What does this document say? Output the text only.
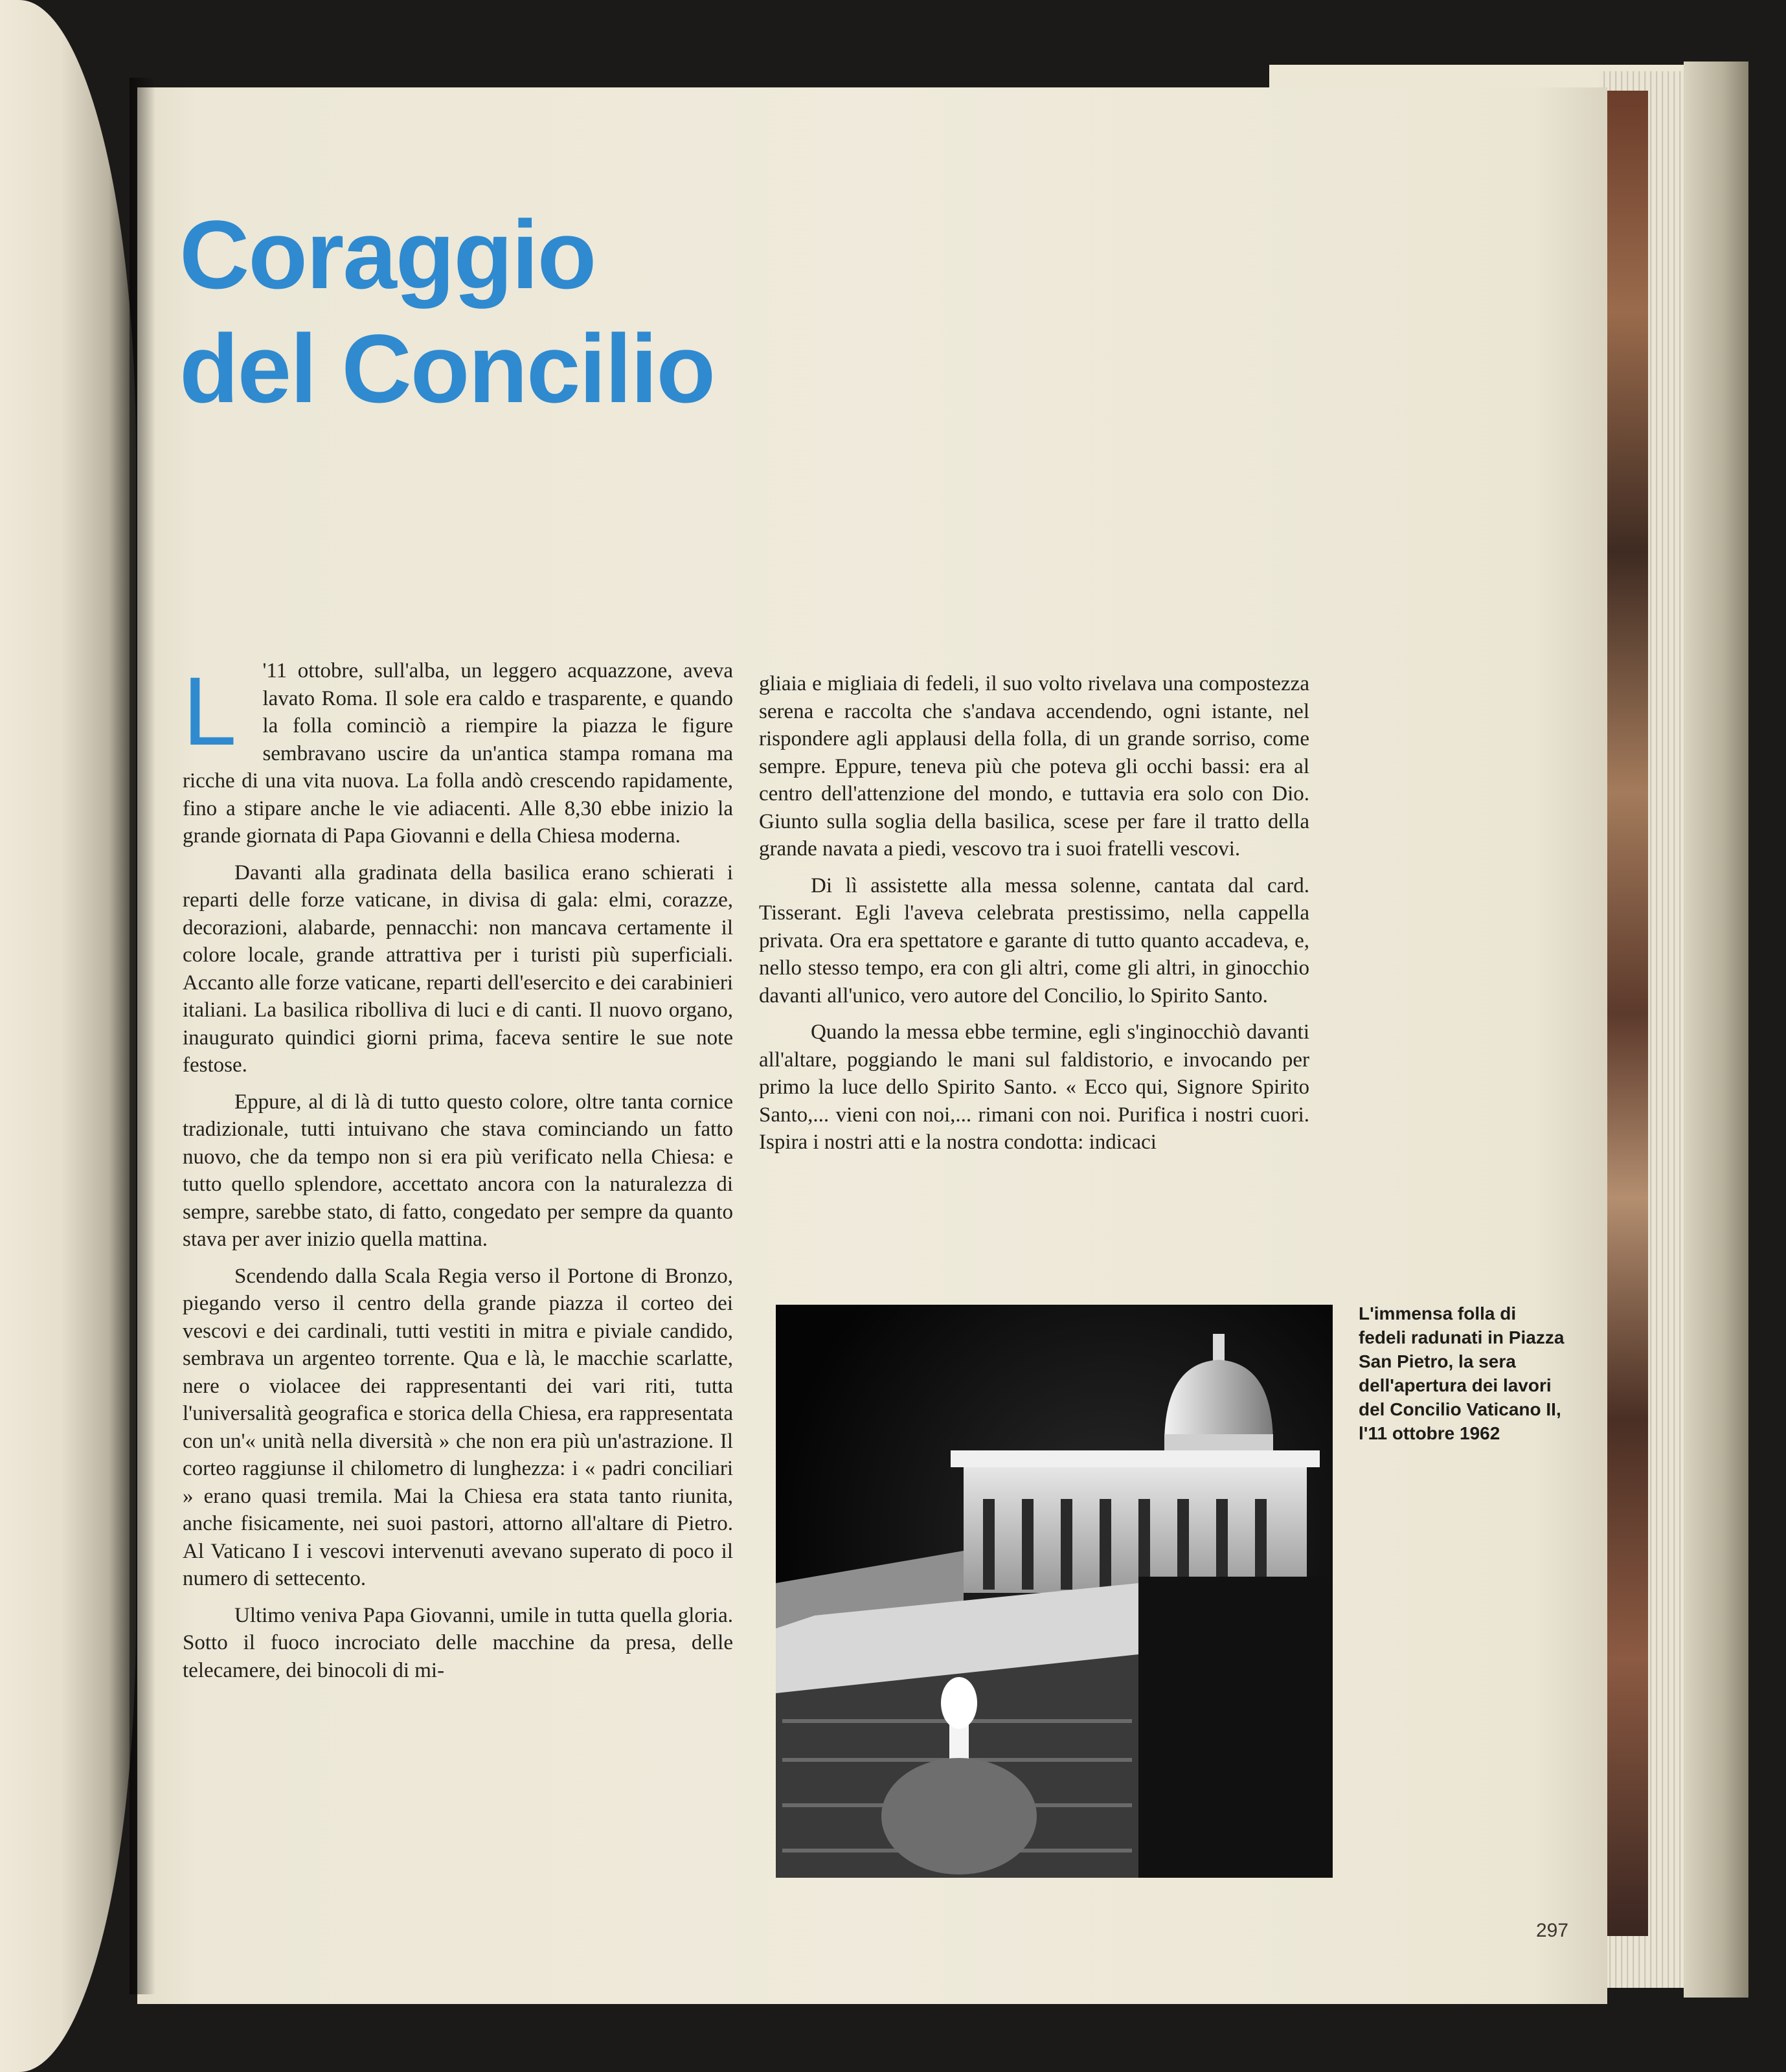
Coraggio
del Concilio

L '11 ottobre, sull'alba, un leggero acquazzone, aveva lavato Roma. Il sole era caldo e trasparente, e quando la folla cominciò a riempire la piazza le figure sembravano uscire da un'antica stampa romana ma ricche di una vita nuova. La folla andò crescendo rapidamente, fino a stipare anche le vie adiacenti. Alle 8,30 ebbe inizio la grande giornata di Papa Giovanni e della Chiesa moderna.

Davanti alla gradinata della basilica erano schierati i reparti delle forze vaticane, in divisa di gala: elmi, corazze, decorazioni, alabarde, pennacchi: non mancava certamente il colore locale, grande attrattiva per i turisti più superficiali. Accanto alle forze vaticane, reparti dell'esercito e dei carabinieri italiani. La basilica ribolliva di luci e di canti. Il nuovo organo, inaugurato quindici giorni prima, faceva sentire le sue note festose.

Eppure, al di là di tutto questo colore, oltre tanta cornice tradizionale, tutti intuivano che stava cominciando un fatto nuovo, che da tempo non si era più verificato nella Chiesa: e tutto quello splendore, accettato ancora con la naturalezza di sempre, sarebbe stato, di fatto, congedato per sempre da quanto stava per aver inizio quella mattina.

Scendendo dalla Scala Regia verso il Portone di Bronzo, piegando verso il centro della grande piazza il corteo dei vescovi e dei cardinali, tutti vestiti in mitra e piviale candido, sembrava un argenteo torrente. Qua e là, le macchie scarlatte, nere o violacee dei rappresentanti dei vari riti, tutta l'universalità geografica e storica della Chiesa, era rappresentata con un'« unità nella diversità » che non era più un'astrazione. Il corteo raggiunse il chilometro di lunghezza: i « padri conciliari » erano quasi tremila. Mai la Chiesa era stata tanto riunita, anche fisicamente, nei suoi pastori, attorno all'altare di Pietro. Al Vaticano I i vescovi intervenuti avevano superato di poco il numero di settecento.

Ultimo veniva Papa Giovanni, umile in tutta quella gloria. Sotto il fuoco incrociato delle macchine da presa, delle telecamere, dei binocoli di mi-

gliaia e migliaia di fedeli, il suo volto rivelava una compostezza serena e raccolta che s'andava accendendo, ogni istante, nel rispondere agli applausi della folla, di un grande sorriso, come sempre. Eppure, teneva più che poteva gli occhi bassi: era al centro dell'attenzione del mondo, e tuttavia era solo con Dio. Giunto sulla soglia della basilica, scese per fare il tratto della grande navata a piedi, vescovo tra i suoi fratelli vescovi.

Di lì assistette alla messa solenne, cantata dal card. Tisserant. Egli l'aveva celebrata prestissimo, nella cappella privata. Ora era spettatore e garante di tutto quanto accadeva, e, nello stesso tempo, era con gli altri, come gli altri, in ginocchio davanti all'unico, vero autore del Concilio, lo Spirito Santo.

Quando la messa ebbe termine, egli s'inginocchiò davanti all'altare, poggiando le mani sul faldistorio, e invocando per primo la luce dello Spirito Santo. « Ecco qui, Signore Spirito Santo,... vieni con noi,... rimani con noi. Purifica i nostri cuori. Ispira i nostri atti e la nostra condotta: indicaci

L'immensa folla di fedeli radunati in Piazza San Pietro, la sera dell'apertura dei lavori del Concilio Vaticano II, l'11 ottobre 1962

297
